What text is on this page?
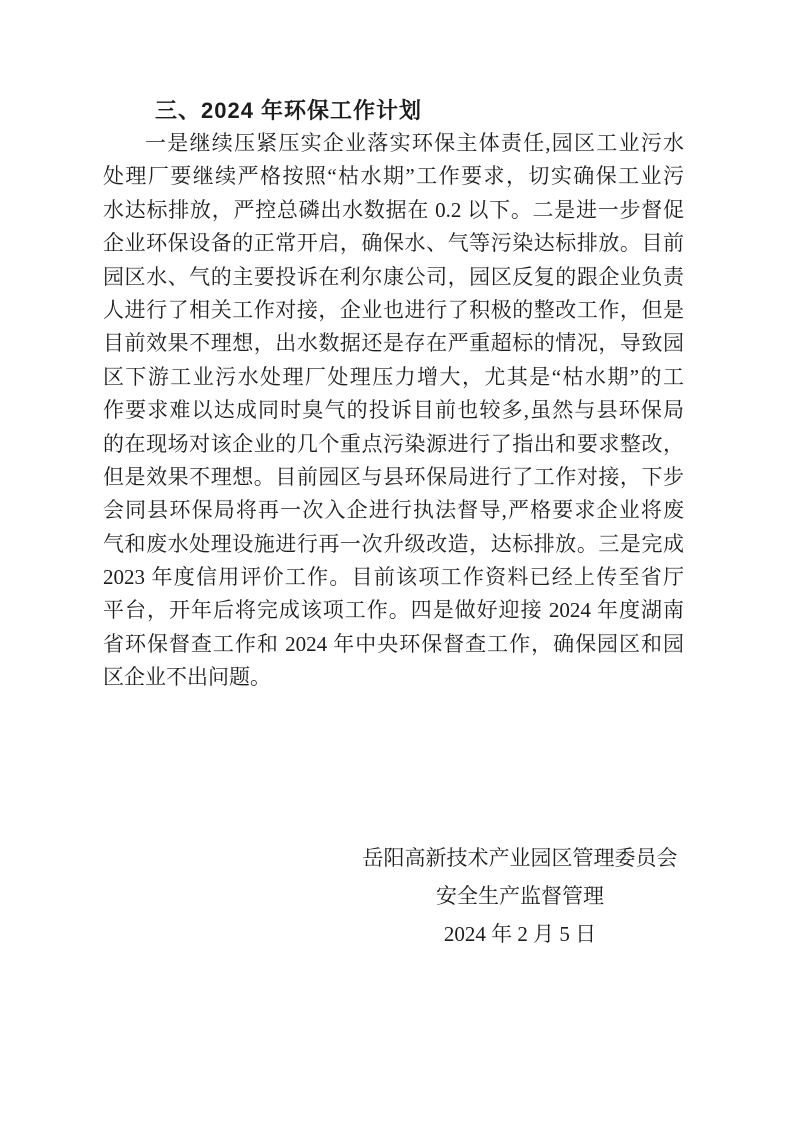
三、2024 年环保工作计划
一是继续压紧压实企业落实环保主体责任,园区工业污水
处理厂要继续严格按照“枯水期”工作要求，切实确保工业污
水达标排放，严控总磷出水数据在 0.2 以下。二是进一步督促
企业环保设备的正常开启，确保水、气等污染达标排放。目前
园区水、气的主要投诉在利尔康公司，园区反复的跟企业负责
人进行了相关工作对接，企业也进行了积极的整改工作，但是
目前效果不理想，出水数据还是存在严重超标的情况，导致园
区下游工业污水处理厂处理压力增大，尤其是“枯水期”的工
作要求难以达成同时臭气的投诉目前也较多,虽然与县环保局
的在现场对该企业的几个重点污染源进行了指出和要求整改，
但是效果不理想。目前园区与县环保局进行了工作对接，下步
会同县环保局将再一次入企进行执法督导,严格要求企业将废
气和废水处理设施进行再一次升级改造，达标排放。三是完成
2023 年度信用评价工作。目前该项工作资料已经上传至省厅
平台，开年后将完成该项工作。四是做好迎接 2024 年度湖南
省环保督查工作和 2024 年中央环保督查工作，确保园区和园
区企业不出问题。
岳阳高新技术产业园区管理委员会
安全生产监督管理
2024 年 2 月 5 日
